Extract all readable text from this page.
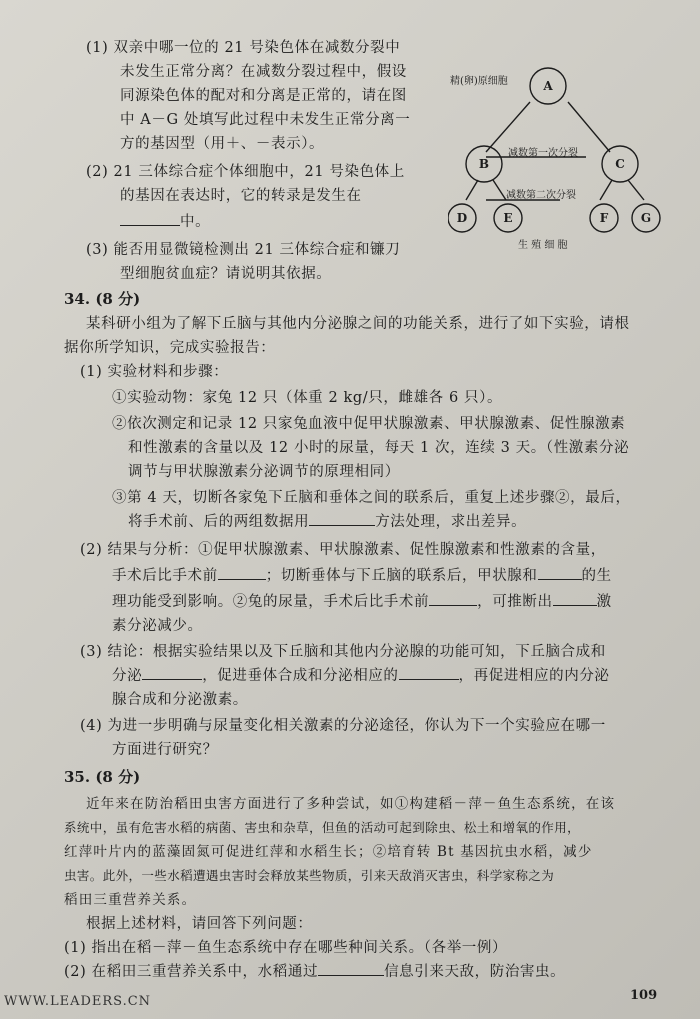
(1) 双亲中哪一位的 21 号染色体在减数分裂中
未发生正常分离？在减数分裂过程中，假设
同源染色体的配对和分离是正常的，请在图
中 A－G 处填写此过程中未发生正常分离一
方的基因型（用＋、－表示）。
(2) 21 三体综合症个体细胞中，21 号染色体上
的基因在表达时，它的转录是发生在
中。
(3) 能否用显微镜检测出 21 三体综合症和镰刀
型细胞贫血症？请说明其依据。
精(卵)原细胞
减数第一次分裂
减数第二次分裂
生 殖 细 胞
A
B	C
D	E	F	G
34. (8 分)
某科研小组为了解下丘脑与其他内分泌腺之间的功能关系，进行了如下实验，请根
据你所学知识，完成实验报告：
(1) 实验材料和步骤：
①实验动物：家兔 12 只（体重 2 kg/只，雌雄各 6 只）。
②依次测定和记录 12 只家兔血液中促甲状腺激素、甲状腺激素、促性腺激素
和性激素的含量以及 12 小时的尿量，每天 1 次，连续 3 天。（性激素分泌
调节与甲状腺激素分泌调节的原理相同）
③第 4 天，切断各家兔下丘脑和垂体之间的联系后，重复上述步骤②，最后，
将手术前、后的两组数据用	方法处理，求出差异。
(2) 结果与分析：①促甲状腺激素、甲状腺激素、促性腺激素和性激素的含量，
手术后比手术前	；切断垂体与下丘脑的联系后，甲状腺和	的生
理功能受到影响。②兔的尿量，手术后比手术前	，可推断出	激
素分泌减少。
(3) 结论：根据实验结果以及下丘脑和其他内分泌腺的功能可知，下丘脑合成和
分泌	，促进垂体合成和分泌相应的	，再促进相应的内分泌
腺合成和分泌激素。
(4) 为进一步明确与尿量变化相关激素的分泌途径，你认为下一个实验应在哪一
方面进行研究？
35. (8 分)
近年来在防治稻田虫害方面进行了多种尝试，如①构建稻－萍－鱼生态系统，在该
系统中，虽有危害水稻的病菌、害虫和杂草，但鱼的活动可起到除虫、松土和增氧的作用，
红萍叶片内的蓝藻固氮可促进红萍和水稻生长；②培育转 Bt 基因抗虫水稻，减少
虫害。此外，一些水稻遭遇虫害时会释放某些物质，引来天敌消灭害虫，科学家称之为
稻田三重营养关系。
根据上述材料，请回答下列问题：
(1) 指出在稻－萍－鱼生态系统中存在哪些种间关系。（各举一例）
(2) 在稻田三重营养关系中，水稻通过	信息引来天敌，防治害虫。
WWW.LEADERS.CN	109
